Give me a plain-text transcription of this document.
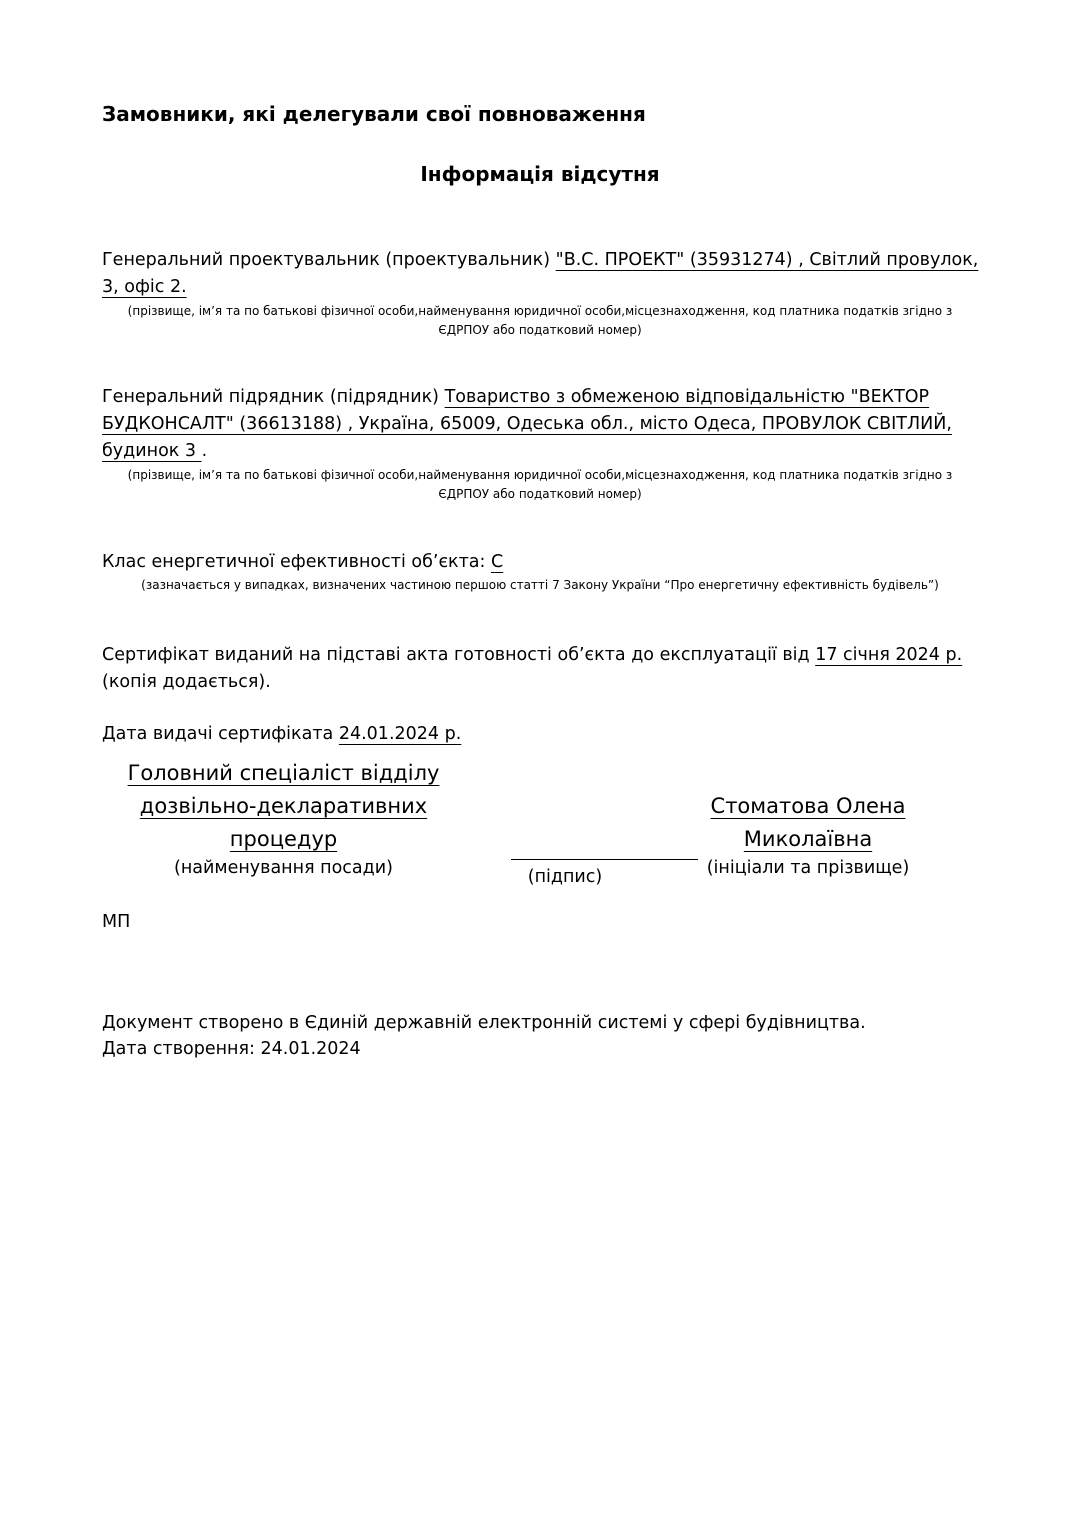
Замовники, які делегували свої повноваження
Інформація відсутня
Генеральний проектувальник (проектувальник) "В.С. ПРОЕКТ" (35931274) , Світлий провулок, 3, офіс 2.
(прізвище, ім’я та по батькові фізичної особи,найменування юридичної особи,місцезнаходження, код платника податків згідно з ЄДРПОУ або податковий номер)
Генеральний підрядник (підрядник) Товариство з обмеженою відповідальністю "ВЕКТОР БУДКОНСАЛТ" (36613188) , Україна, 65009, Одеська обл., місто Одеса, ПРОВУЛОК СВІТЛИЙ, будинок 3 .
(прізвище, ім’я та по батькові фізичної особи,найменування юридичної особи,місцезнаходження, код платника податків згідно з ЄДРПОУ або податковий номер)
Клас енергетичної ефективності об’єкта: С
(зазначається у випадках, визначених частиною першою статті 7 Закону України “Про енергетичну ефективність будівель”)
Сертифікат виданий на підставі акта готовності об’єкта до експлуатації від 17 січня 2024 р. (копія додається).
Дата видачі сертифіката 24.01.2024 р.
Головний спеціаліст відділу дозвільно-декларативних процедур
(найменування посади)	(підпис)
Стоматова Олена Миколаївна
(ініціали та прізвище)
МП
Документ створено в Єдиній державній електронній системі у сфері будівництва.
Дата створення: 24.01.2024
